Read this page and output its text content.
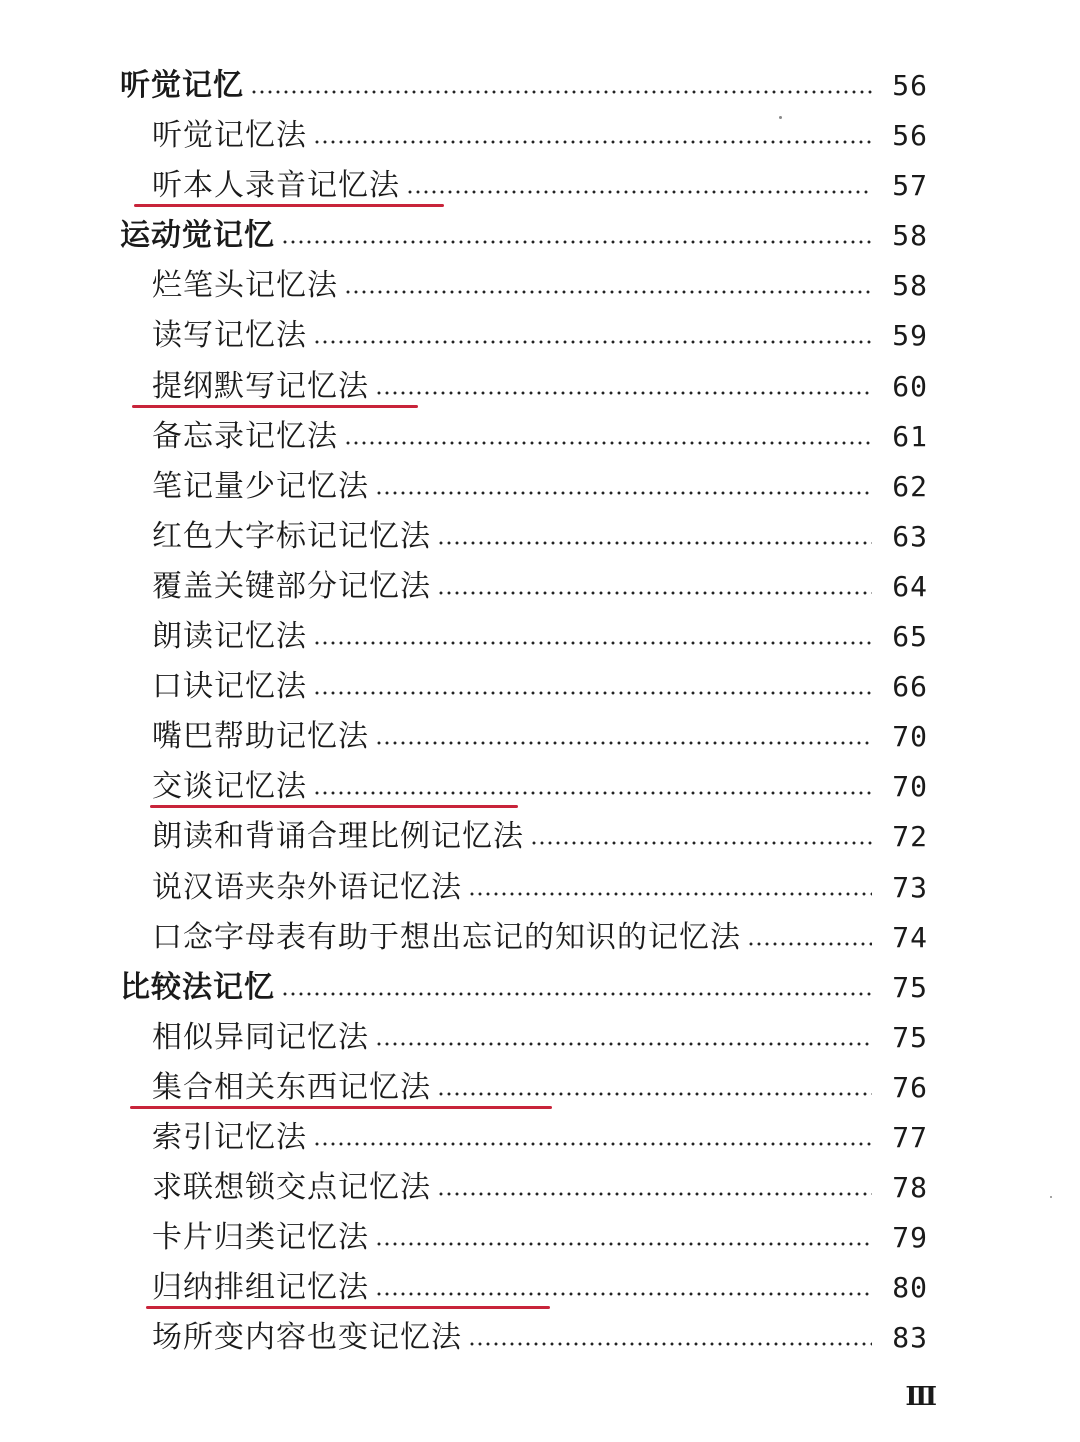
听觉记忆	56
听觉记忆法	56
听本人录音记忆法	57
运动觉记忆	58
烂笔头记忆法	58
读写记忆法	59
提纲默写记忆法	60
备忘录记忆法	61
笔记量少记忆法	62
红色大字标记记忆法	63
覆盖关键部分记忆法	64
朗读记忆法	65
口诀记忆法	66
嘴巴帮助记忆法	70
交谈记忆法	70
朗读和背诵合理比例记忆法	72
说汉语夹杂外语记忆法	73
口念字母表有助于想出忘记的知识的记忆法	74
比较法记忆	75
相似异同记忆法	75
集合相关东西记忆法	76
索引记忆法	77
求联想锁交点记忆法	78
卡片归类记忆法	79
归纳排组记忆法	80
场所变内容也变记忆法	83
Ⅲ
